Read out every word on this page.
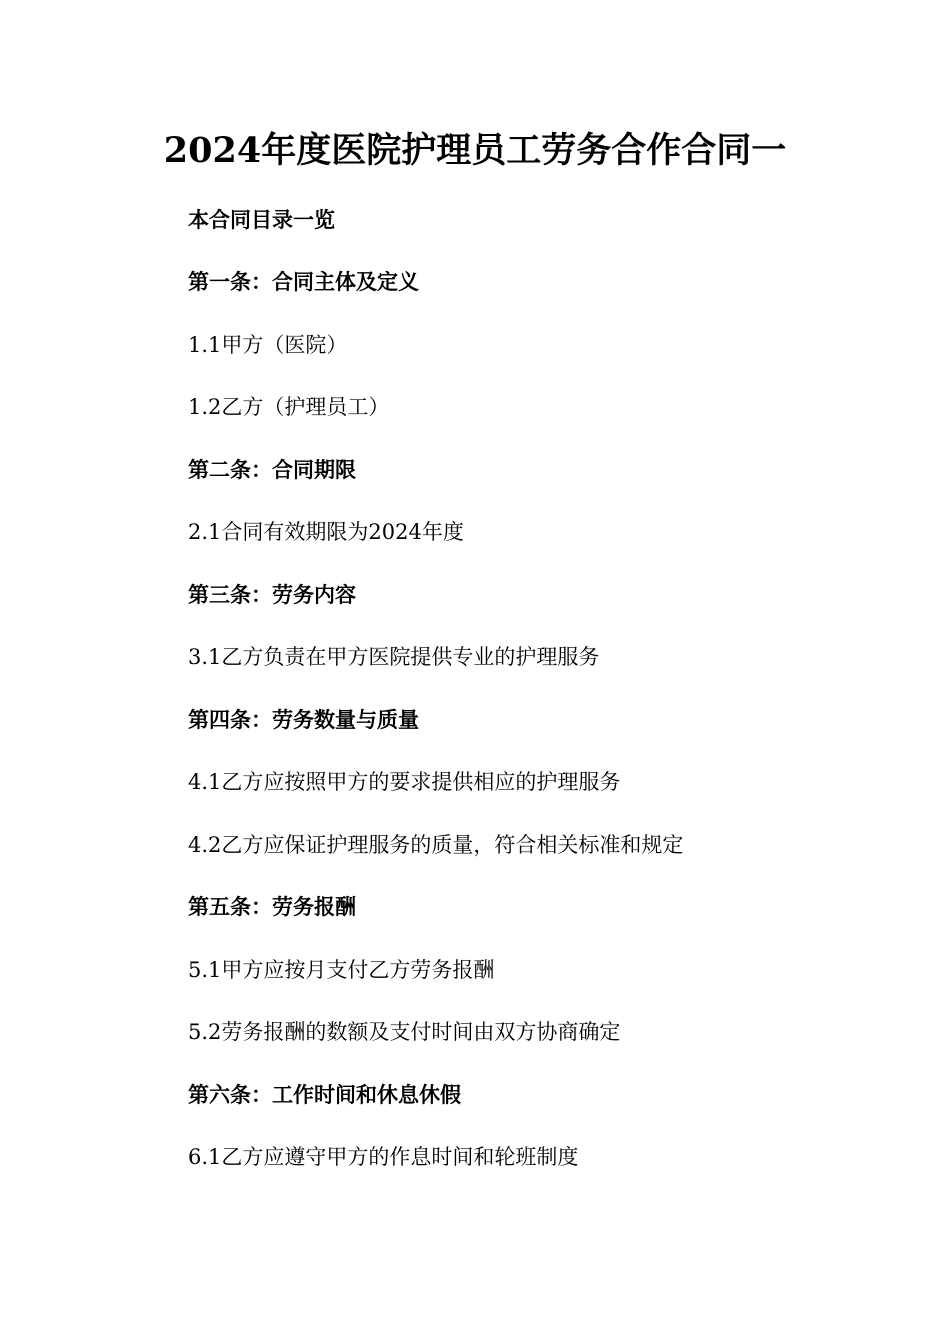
2024年度医院护理员工劳务合作合同一
本合同目录一览
第一条：合同主体及定义
1.1甲方（医院）
1.2乙方（护理员工）
第二条：合同期限
2.1合同有效期限为2024年度
第三条：劳务内容
3.1乙方负责在甲方医院提供专业的护理服务
第四条：劳务数量与质量
4.1乙方应按照甲方的要求提供相应的护理服务
4.2乙方应保证护理服务的质量，符合相关标准和规定
第五条：劳务报酬
5.1甲方应按月支付乙方劳务报酬
5.2劳务报酬的数额及支付时间由双方协商确定
第六条：工作时间和休息休假
6.1乙方应遵守甲方的作息时间和轮班制度
